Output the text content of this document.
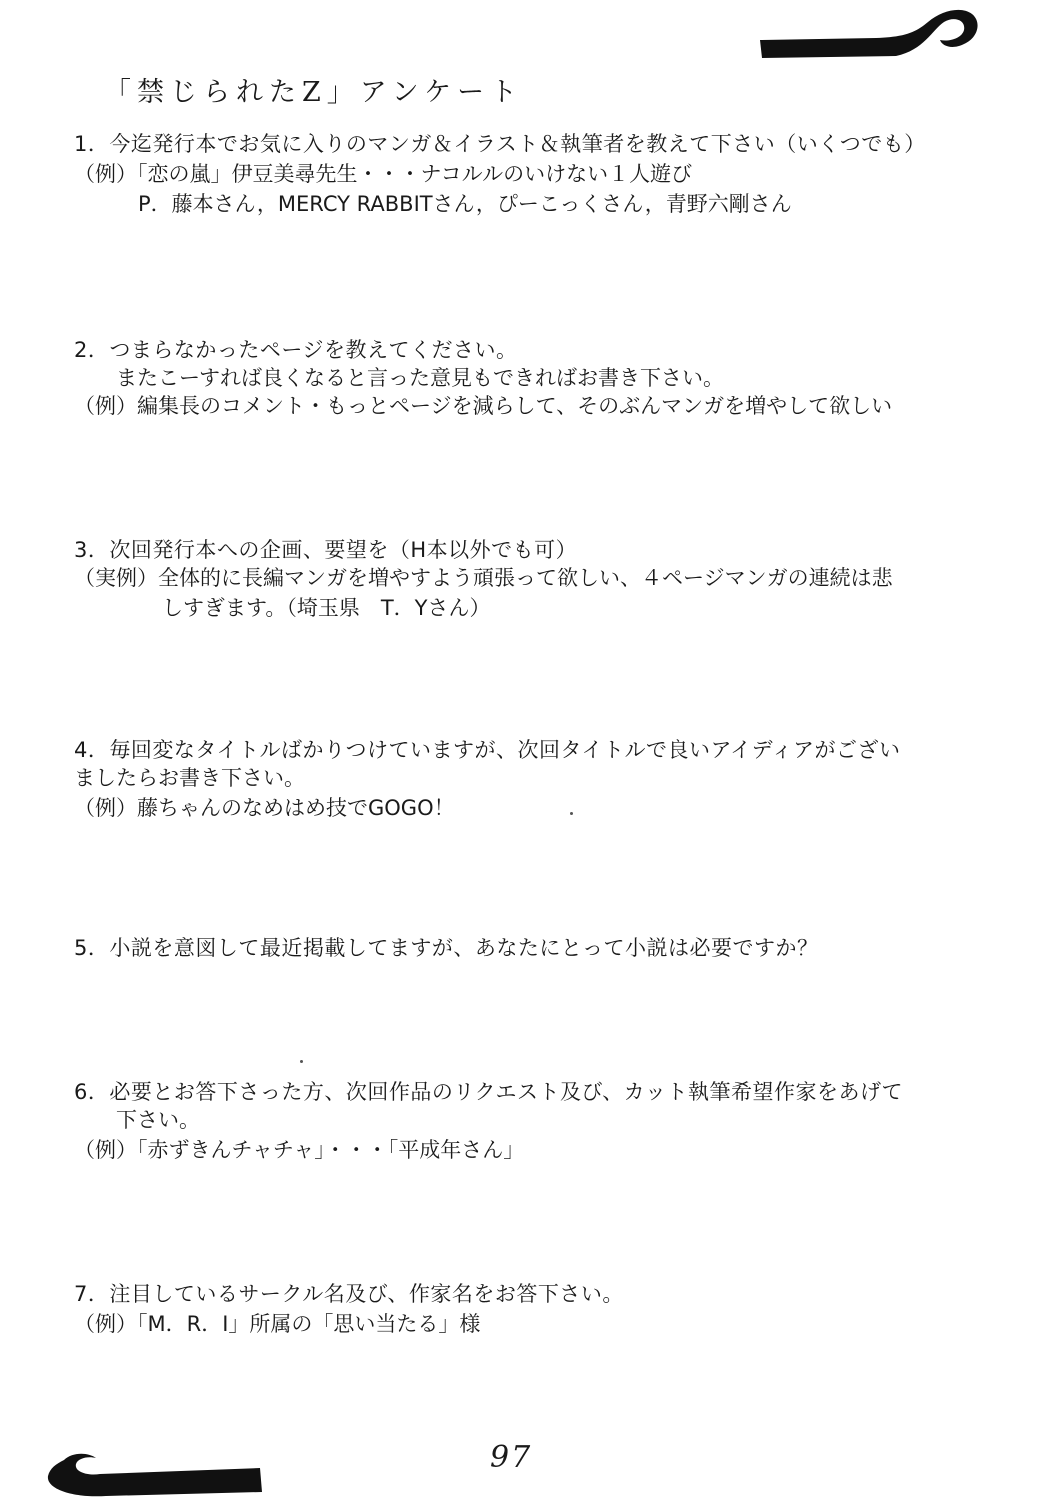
「禁じられたZ」アンケート
1．今迄発行本でお気に入りのマンガ＆イラスト＆執筆者を教えて下さい（いくつでも）
（例）「恋の嵐」伊豆美尋先生・・・ナコルルのいけない１人遊び
P．藤本さん，MERCY RABBITさん，ぴーこっくさん，青野六剛さん
2．つまらなかったページを教えてください。
またこーすれば良くなると言った意見もできればお書き下さい。
（例）編集長のコメント・もっとページを減らして、そのぶんマンガを増やして欲しい
3．次回発行本への企画、要望を（H本以外でも可）
（実例）全体的に長編マンガを増やすよう頑張って欲しい、４ページマンガの連続は悲
しすぎます。（埼玉県　T．Yさん）
4．毎回変なタイトルばかりつけていますが、次回タイトルで良いアイディアがござい
ましたらお書き下さい。
（例）藤ちゃんのなめはめ技でGOGO！
5．小説を意図して最近掲載してますが、あなたにとって小説は必要ですか？
6．必要とお答下さった方、次回作品のリクエスト及び、カット執筆希望作家をあげて
下さい。
（例）「赤ずきんチャチャ」・・・「平成年さん」
7．注目しているサークル名及び、作家名をお答下さい。
（例）「M．R．I」所属の「思い当たる」様
97
